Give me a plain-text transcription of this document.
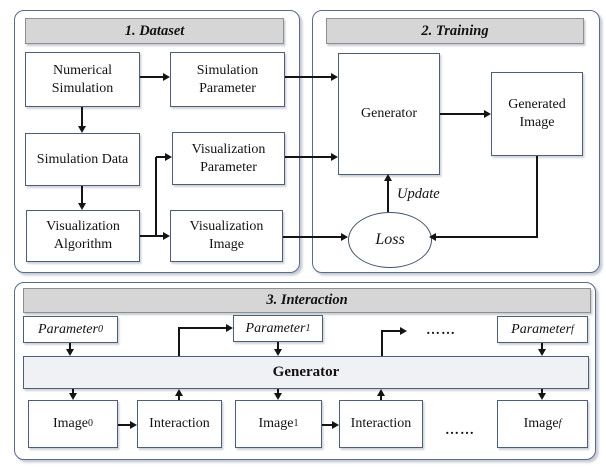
1. Dataset	2. Training
3. Interaction
Numerical Simulation
Simulation Parameter
Simulation Data
Visualization Parameter
Visualization Algorithm
Visualization Image
Generator
Generated Image
Loss
Update
Parameter 0	Parameter 1	……	Parameter f
Generator
Image 0	Interaction	Image 1	Interaction	……	Image f
